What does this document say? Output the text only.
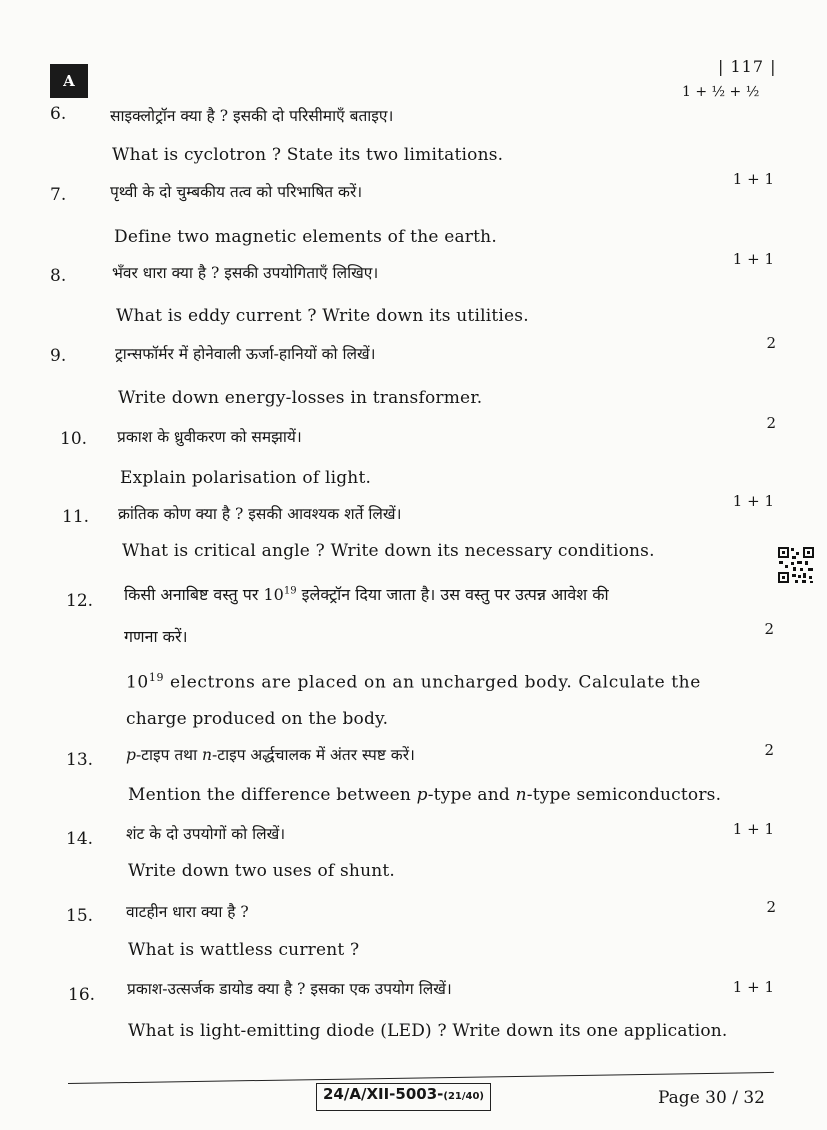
A
| 117 |
1 + ½ + ½
6.	साइक्लोट्रॉन क्या है ? इसकी दो परिसीमाएँ बताइए।
What is cyclotron ? State its two limitations.
7.	पृथ्वी के दो चुम्बकीय तत्व को परिभाषित करें।
1 + 1
Define two magnetic elements of the earth.
8.	भँवर धारा क्या है ? इसकी उपयोगिताएँ लिखिए।
1 + 1
What is eddy current ? Write down its utilities.
9.	ट्रान्सफॉर्मर में होनेवाली ऊर्जा-हानियों को लिखें।
2
Write down energy-losses in transformer.
10. प्रकाश के ध्रुवीकरण को समझायें।
2
Explain polarisation of light.
11. क्रांतिक कोण क्या है ? इसकी आवश्यक शर्ते लिखें।
1 + 1
What is critical angle ? Write down its necessary conditions.
12. किसी अनाबिष्ट वस्तु पर $10^{19}$ इलेक्ट्रॉन दिया जाता है। उस वस्तु पर उत्पन्न आवेश की
गणना करें।	2
$10^{19}$ electrons are placed on an uncharged body. Calculate the
charge produced on the body.
13. p-टाइप तथा n-टाइप अर्द्धचालक में अंतर स्पष्ट करें।	2
Mention the difference between p-type and n-type semiconductors.
14. शंट के दो उपयोगों को लिखें।	1 + 1
Write down two uses of shunt.
15. वाटहीन धारा क्या है ?	2
What is wattless current ?
16. प्रकाश-उत्सर्जक डायोड क्या है ? इसका एक उपयोग लिखें।	1 + 1
What is light-emitting diode (LED) ? Write down its one application.
24/A/XII-5003-(21/40)	Page 30 / 32
